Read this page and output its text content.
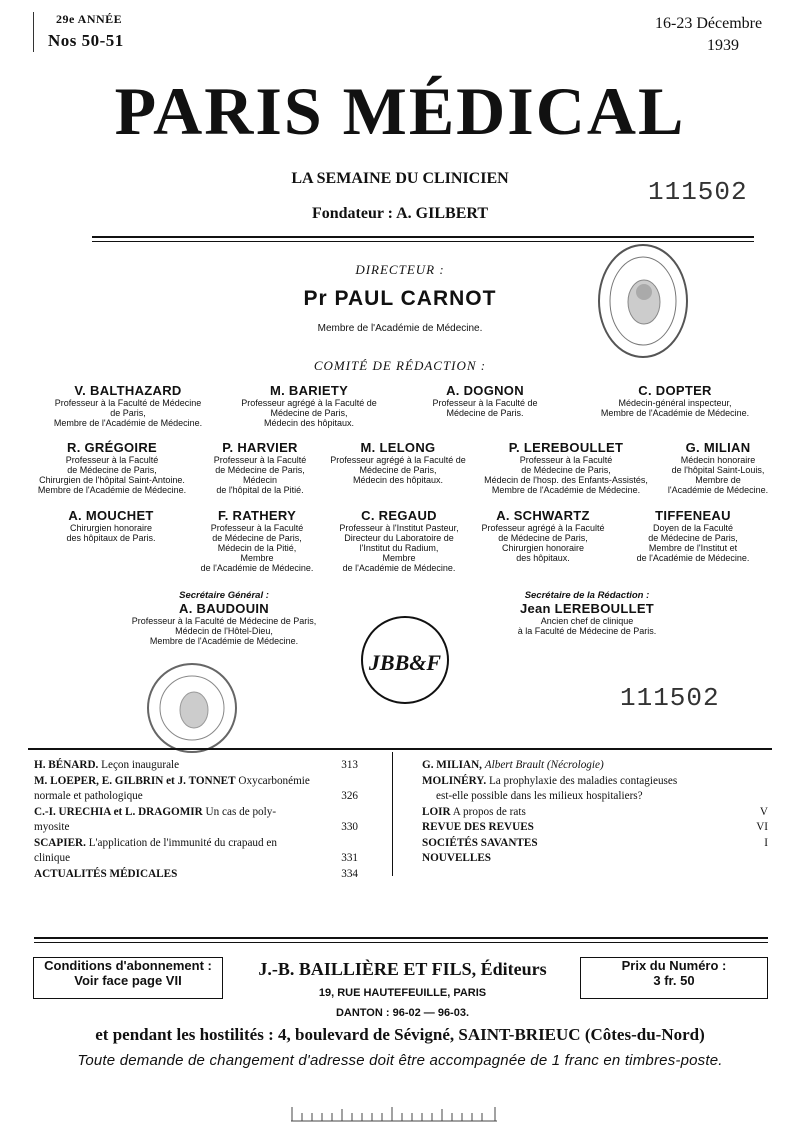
29e ANNÉE
Nos 50-51
16-23 Décembre
1939
PARIS MÉDICAL
LA SEMAINE DU CLINICIEN
Fondateur : A. GILBERT
111502
DIRECTEUR :
Pr PAUL CARNOT
Membre de l'Académie de Médecine.
COMITÉ DE RÉDACTION :
V. BALTHAZARD
Professeur à la Faculté de Médecine
de Paris,
Membre de l'Académie de Médecine.
M. BARIETY
Professeur agrégé à la Faculté de
Médecine de Paris,
Médecin des hôpitaux.
A. DOGNON
Professeur à la Faculté de
Médecine de Paris.
C. DOPTER
Médecin-général inspecteur,
Membre de l'Académie de Médecine.
R. GRÉGOIRE
Professeur à la Faculté
de Médecine de Paris,
Chirurgien de l'hôpital Saint-Antoine.
Membre de l'Académie de Médecine.
P. HARVIER
Professeur à la Faculté
de Médecine de Paris,
Médecin
de l'hôpital de la Pitié.
M. LELONG
Professeur agrégé à la Faculté de
Médecine de Paris,
Médecin des hôpitaux.
P. LEREBOULLET
Professeur à la Faculté
de Médecine de Paris,
Médecin de l'hosp. des Enfants-Assistés,
Membre de l'Académie de Médecine.
G. MILIAN
Médecin honoraire
de l'hôpital Saint-Louis,
Membre de
l'Académie de Médecine.
A. MOUCHET
Chirurgien honoraire
des hôpitaux de Paris.
F. RATHERY
Professeur à la Faculté
de Médecine de Paris,
Médecin de la Pitié,
Membre
de l'Académie de Médecine.
C. REGAUD
Professeur à l'Institut Pasteur,
Directeur du Laboratoire de
l'Institut du Radium,
Membre
de l'Académie de Médecine.
A. SCHWARTZ
Professeur agrégé à la Faculté
de Médecine de Paris,
Chirurgien honoraire
des hôpitaux.
TIFFENEAU
Doyen de la Faculté
de Médecine de Paris,
Membre de l'Institut et
de l'Académie de Médecine.
Secrétaire Général :
A. BAUDOUIN
Professeur à la Faculté de Médecine de Paris,
Médecin de l'Hôtel-Dieu,
Membre de l'Académie de Médecine.
Secrétaire de la Rédaction :
Jean LEREBOULLET
Ancien chef de clinique
à la Faculté de Médecine de Paris.
JBB&F
111502
H. BÉNARD. Leçon inaugurale	313
M. LOEPER, E. GILBRIN et J. TONNET Oxycarbonémie
normale et pathologique	326
C.-I. URECHIA et L. DRAGOMIR Un cas de poly-
myosite	330
SCAPIER. L'application de l'immunité du crapaud en
clinique	331
ACTUALITÉS MÉDICALES	334
G. MILIAN, Albert Brault (Nécrologie)
MOLINÉRY. La prophylaxie des maladies contagieuses
est-elle possible dans les milieux hospitaliers?
LOIR A propos de rats	V
REVUE DES REVUES	VI
SOCIÉTÉS SAVANTES	I
NOUVELLES
Conditions d'abonnement :
Voir face page VII
J.-B. BAILLIÈRE ET FILS, Éditeurs
19, RUE HAUTEFEUILLE, PARIS
DANTON : 96-02 — 96-03.
Prix du Numéro :
3 fr. 50
et pendant les hostilités : 4, boulevard de Sévigné, SAINT-BRIEUC (Côtes-du-Nord)
Toute demande de changement d'adresse doit être accompagnée de 1 franc en timbres-poste.
